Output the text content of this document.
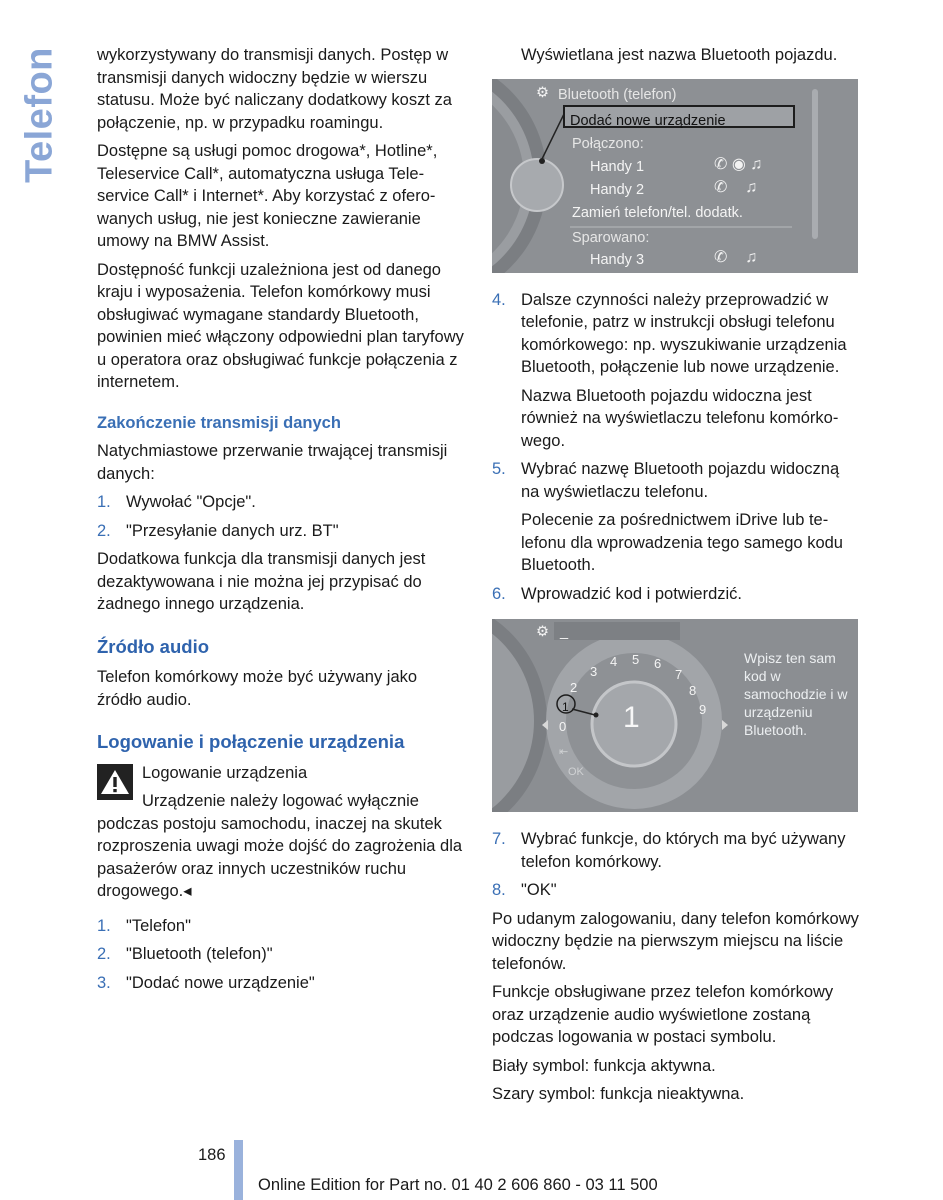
Telefon wykorzystywany do transmisji danych. Postęp w transmisji danych widoczny będzie w wierszu statusu. Może być naliczany dodatkowy koszt za połączenie, np. w przypadku roamingu.

Dostępne są usługi pomoc drogowa*, Hotline*, Teleservice Call*, automatyczna usługa Teleservice Call* i Internet*. Aby korzystać z oferowanych usług, nie jest konieczne zawieranie umowy na BMW Assist.

Dostępność funkcji uzależniona jest od danego kraju i wyposażenia. Telefon komórkowy musi obsługiwać wymagane standardy Bluetooth, powinien mieć włączony odpowiedni plan taryfowy u operatora oraz obsługiwać funkcje połączenia z internetem.

Zakończenie transmisji danych

Natychmiastowe przerwanie trwającej transmisji danych:

1. Wywołać "Opcje".
2. "Przesyłanie danych urz. BT"

Dodatkowa funkcja dla transmisji danych jest dezaktywowana i nie można jej przypisać do żadnego innego urządzenia.

Źródło audio

Telefon komórkowy może być używany jako źródło audio.

Logowanie i połączenie urządzenia

Logowanie urządzenia

Urządzenie należy logować wyłącznie

podczas postoju samochodu, inaczej na skutek rozproszenia uwagi może dojść do zagrożenia dla pasażerów oraz innych uczestników ruchu drogowego.◂

1. "Telefon"
2. "Bluetooth (telefon)"
3. "Dodać nowe urządzenie"

Wyświetlana jest nazwa Bluetooth pojazdu.

⚙ Bluetooth (telefon)
Dodać nowe urządzenie
Połączono:
Handy 1	✆ ◉ ♫
Handy 2	✆    ♫
Zamień telefon/tel. dodatk.
Sparowano:
Handy 3	✆    ♫
4. Dalsze czynności należy przeprowadzić w telefonie, patrz w instrukcji obsługi telefonu komórkowego: np. wyszukiwanie urządzenia Bluetooth, połączenie lub nowe urządzenie.

Nazwa Bluetooth pojazdu widoczna jest również na wyświetlaczu telefonu komórkowego.

5. Wybrać nazwę Bluetooth pojazdu widoczną na wyświetlaczu telefonu.

Polecenie za pośrednictwem iDrive lub telefonu dla wprowadzenia tego samego kodu Bluetooth.

6. Wprowadzić kod i potwierdzić.
⚙ _
0
1
2
3
4 5 6
7
8
9
⇤
OK
1
Wpisz ten sam kod w samochodzie i w urządzeniu Bluetooth.
7. Wybrać funkcje, do których ma być używany telefon komórkowy.
8. "OK"

Po udanym zalogowaniu, dany telefon komórkowy widoczny będzie na pierwszym miejscu na liście telefonów.

Funkcje obsługiwane przez telefon komórkowy oraz urządzenie audio wyświetlone zostaną podczas logowania w postaci symbolu.

Biały symbol: funkcja aktywna.

Szary symbol: funkcja nieaktywna.

186
Online Edition for Part no. 01 40 2 606 860 - 03 11 500
